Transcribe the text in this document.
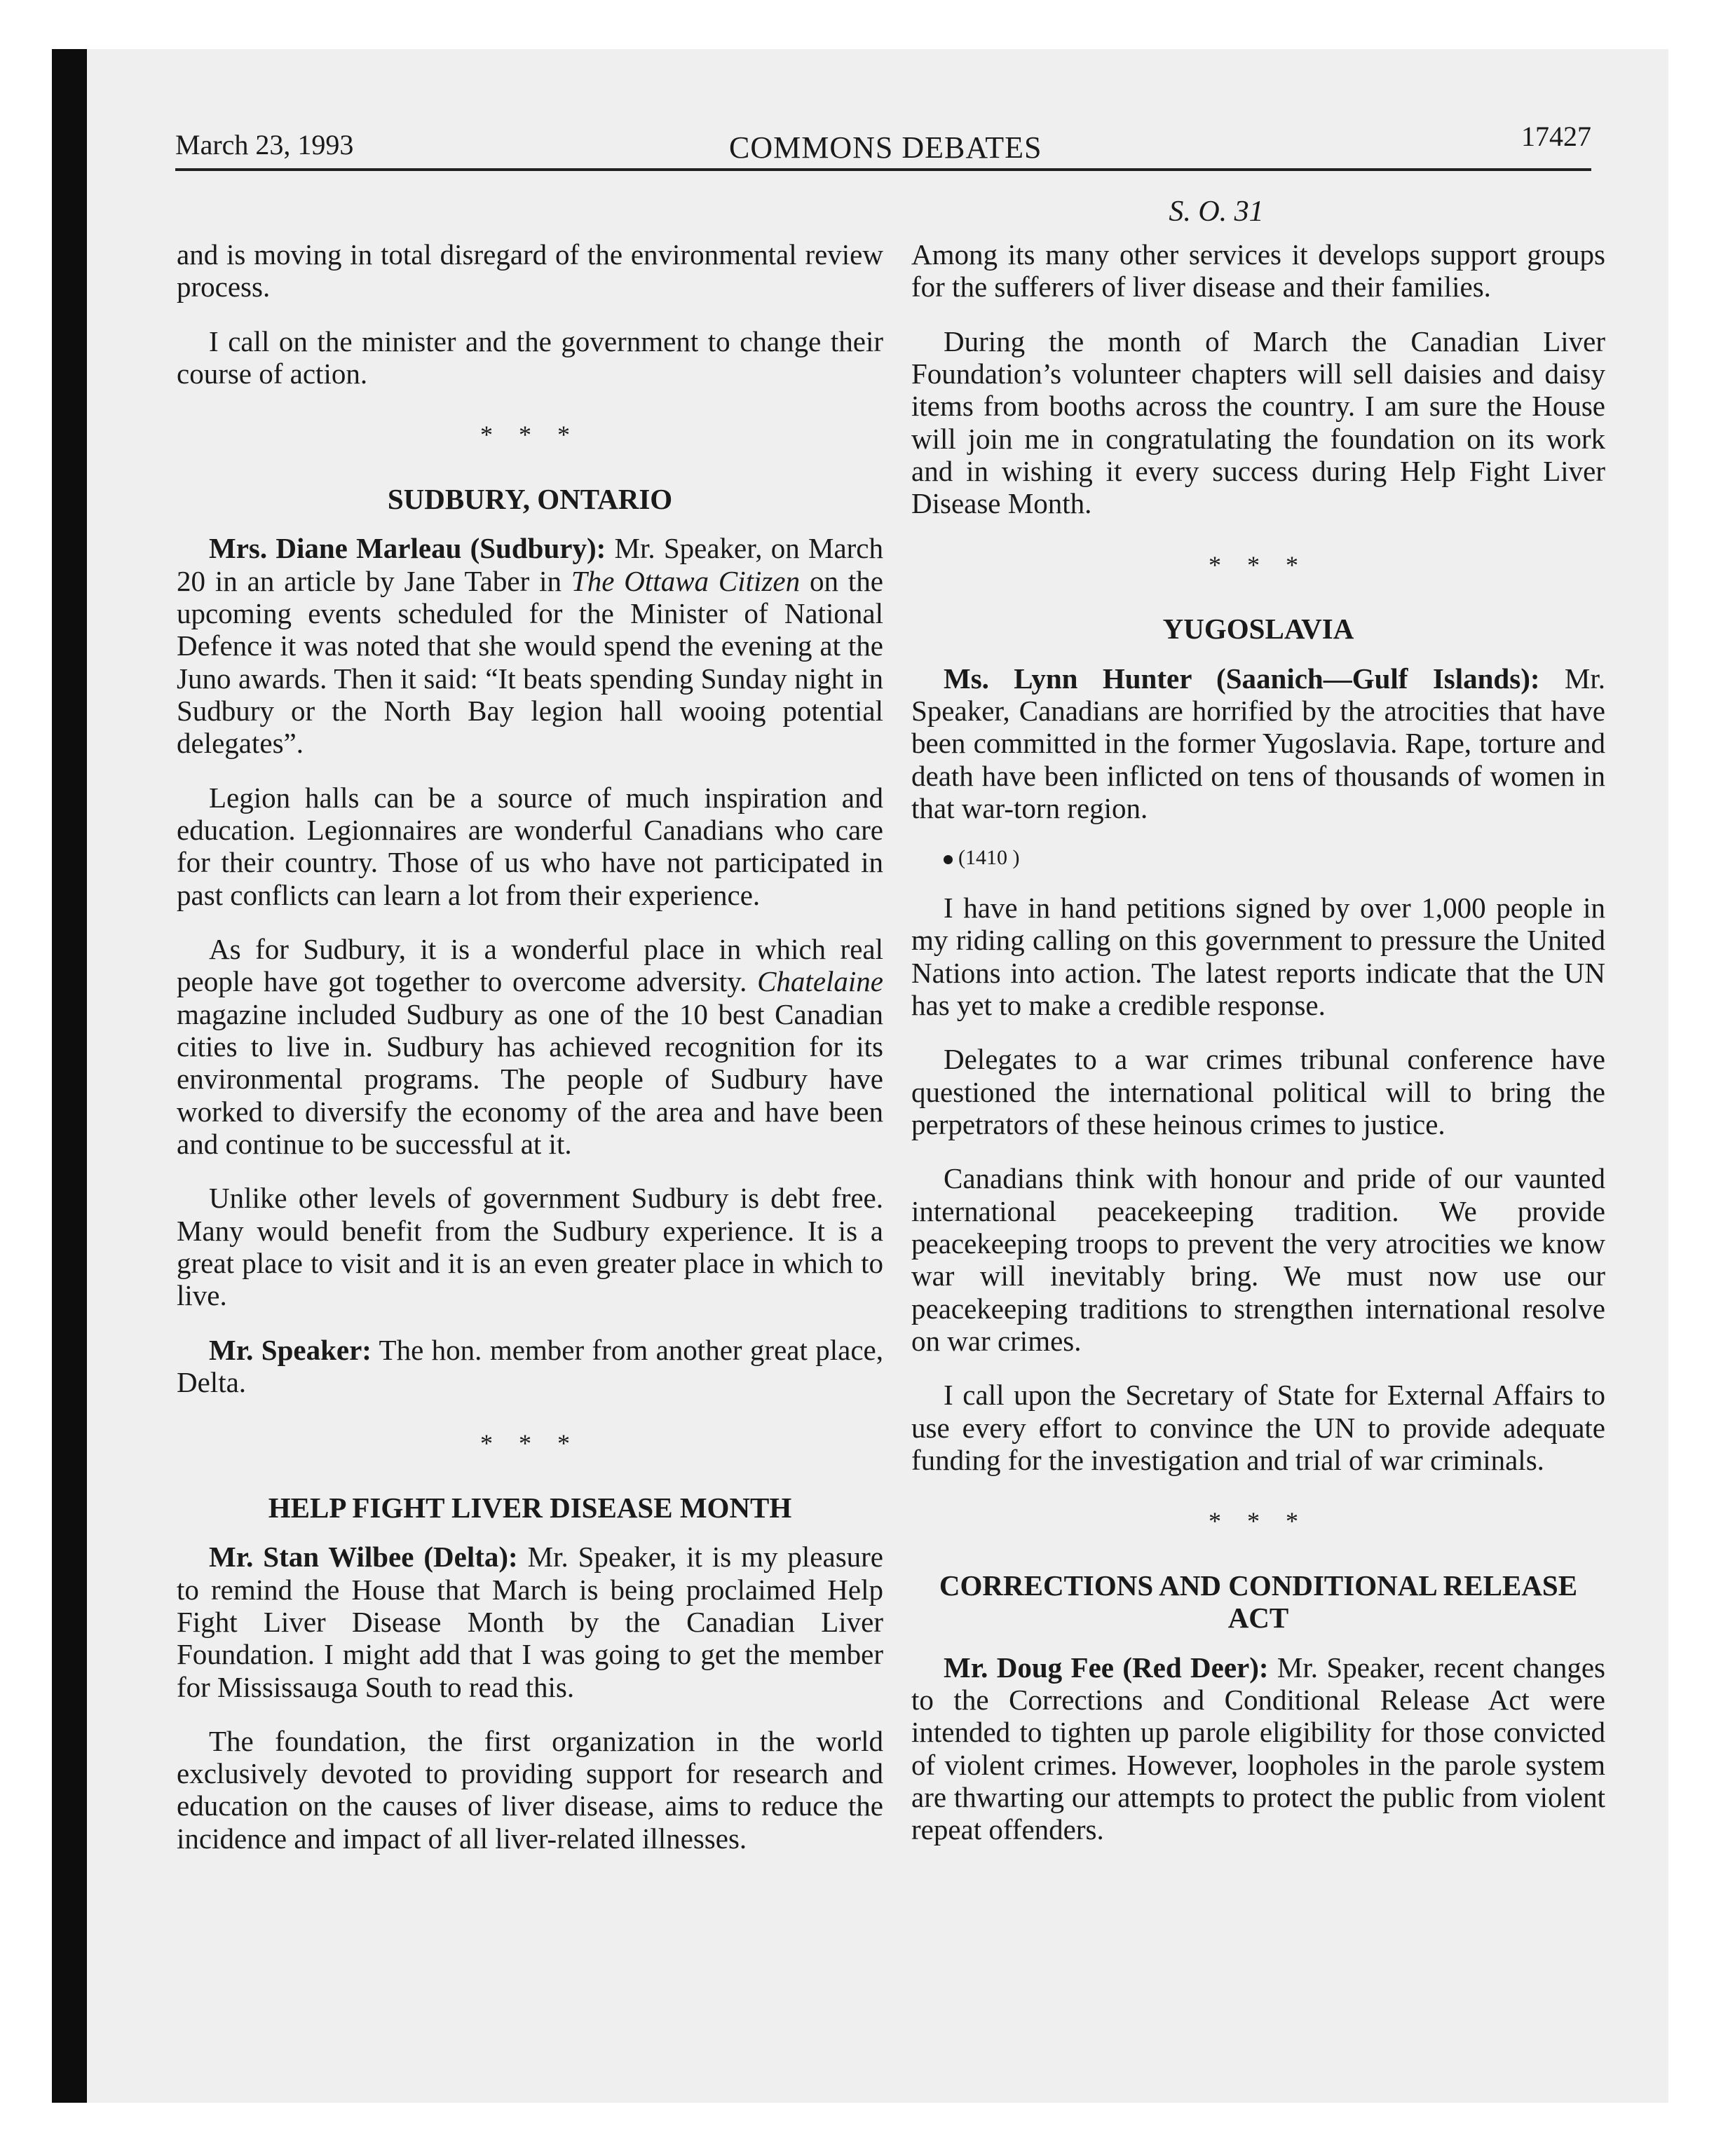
March 23, 1993	COMMONS DEBATES	17427
S. O. 31

and is moving in total disregard of the environmental review process.

I call on the minister and the government to change their course of action.

* * *
SUDBURY, ONTARIO

Mrs. Diane Marleau (Sudbury): Mr. Speaker, on March 20 in an article by Jane Taber in The Ottawa Citizen on the upcoming events scheduled for the Minister of National Defence it was noted that she would spend the evening at the Juno awards. Then it said: “It beats spending Sunday night in Sudbury or the North Bay legion hall wooing potential delegates”.

Legion halls can be a source of much inspiration and education. Legionnaires are wonderful Canadians who care for their country. Those of us who have not participated in past conflicts can learn a lot from their experience.

As for Sudbury, it is a wonderful place in which real people have got together to overcome adversity. Chatelaine magazine included Sudbury as one of the 10 best Canadian cities to live in. Sudbury has achieved recognition for its environmental programs. The people of Sudbury have worked to diversify the economy of the area and have been and continue to be successful at it.

Unlike other levels of government Sudbury is debt free. Many would benefit from the Sudbury experience. It is a great place to visit and it is an even greater place in which to live.

Mr. Speaker: The hon. member from another great place, Delta.

* * *
HELP FIGHT LIVER DISEASE MONTH

Mr. Stan Wilbee (Delta): Mr. Speaker, it is my pleasure to remind the House that March is being proclaimed Help Fight Liver Disease Month by the Canadian Liver Foundation. I might add that I was going to get the member for Mississauga South to read this.

The foundation, the first organization in the world exclusively devoted to providing support for research and education on the causes of liver disease, aims to reduce the incidence and impact of all liver-related illnesses.

Among its many other services it develops support groups for the sufferers of liver disease and their families.

During the month of March the Canadian Liver Foundation’s volunteer chapters will sell daisies and daisy items from booths across the country. I am sure the House will join me in congratulating the foundation on its work and in wishing it every success during Help Fight Liver Disease Month.

* * *
YUGOSLAVIA

Ms. Lynn Hunter (Saanich—Gulf Islands): Mr. Speaker, Canadians are horrified by the atrocities that have been committed in the former Yugoslavia. Rape, torture and death have been inflicted on tens of thousands of women in that war-torn region.

(1410 )

I have in hand petitions signed by over 1,000 people in my riding calling on this government to pressure the United Nations into action. The latest reports indicate that the UN has yet to make a credible response.

Delegates to a war crimes tribunal conference have questioned the international political will to bring the perpetrators of these heinous crimes to justice.

Canadians think with honour and pride of our vaunted international peacekeeping tradition. We provide peacekeeping troops to prevent the very atrocities we know war will inevitably bring. We must now use our peacekeeping traditions to strengthen international resolve on war crimes.

I call upon the Secretary of State for External Affairs to use every effort to convince the UN to provide adequate funding for the investigation and trial of war criminals.

* * *
CORRECTIONS AND CONDITIONAL RELEASE ACT

Mr. Doug Fee (Red Deer): Mr. Speaker, recent changes to the Corrections and Conditional Release Act were intended to tighten up parole eligibility for those convicted of violent crimes. However, loopholes in the parole system are thwarting our attempts to protect the public from violent repeat offenders.
